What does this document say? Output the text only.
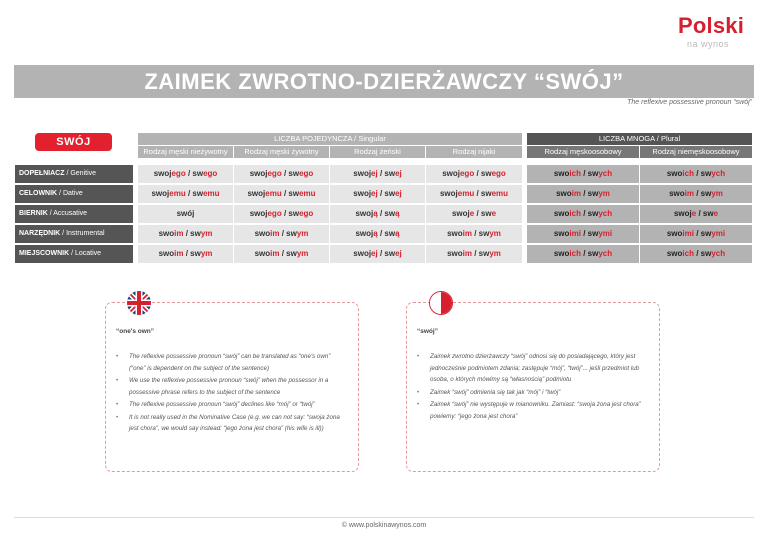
Polski
na wynos
ZAIMEK ZWROTNO-DZIERŻAWCZY “SWÓJ”
The reflexive possessive pronoun “swój”
SWÓJ	LICZBA POJEDYNCZA / Singular	LICZBA MNOGA / Plural
Rodzaj męski nieżywotny	Rodzaj męski żywotny	Rodzaj żeński	Rodzaj nijaki	Rodzaj męskoosobowy	Rodzaj niemęskoosobowy
DOPEŁNIACZ / Genitive	swojego / swego	swojego / swego	swojej / swej	swojego / swego	swoich / swych	swoich / swych
CELOWNIK / Dative	swojemu / swemu	swojemu / swemu	swojej / swej	swojemu / swemu	swoim / swym	swoim / swym
BIERNIK / Accusative	swój	swojego / swego	swoją / swą	swoje / swe	swoich / swych	swoje / swe
NARZĘDNIK / Instrumental	swoim / swym	swoim / swym	swoją / swą	swoim / swym	swoimi / swymi	swoimi / swymi
MIEJSCOWNIK / Locative	swoim / swym	swoim / swym	swojej / swej	swoim / swym	swoich / swych	swoich / swych
“one's own”
• The reflexive possessive pronoun “swój” can be translated as “one's own” (“one” is dependent on the subject of the sentence)
• We use the reflexive possessive pronoun “swój” when the possessor in a possessive phrase refers to the subject of the sentence
• The reflexive possessive pronoun “swój” declines like “mój” or “twój”
• It is not really used in the Nominative Case (e.g. we can not say: “swoja żona jest chora”, we would say instead: “jego żona jest chora” (his wife is ill))
“swój”
• Zaimek zwrotno dzierżawczy “swój” odnosi się do posiadającego, który jest jednocześnie podmiotem zdania; zastępuje “mój”, “twój”... jeśli przedmiot lub osoba, o których mówimy są “własnością” podmiotu
• Zaimek “swój” odmienia się tak jak “mój” i “twój”
• Zaimek “swój” nie występuje w mianowniku. Zamiast: “swoja żona jest chora” powiemy: “jego żona jest chora”
© www.polskinawynos.com
